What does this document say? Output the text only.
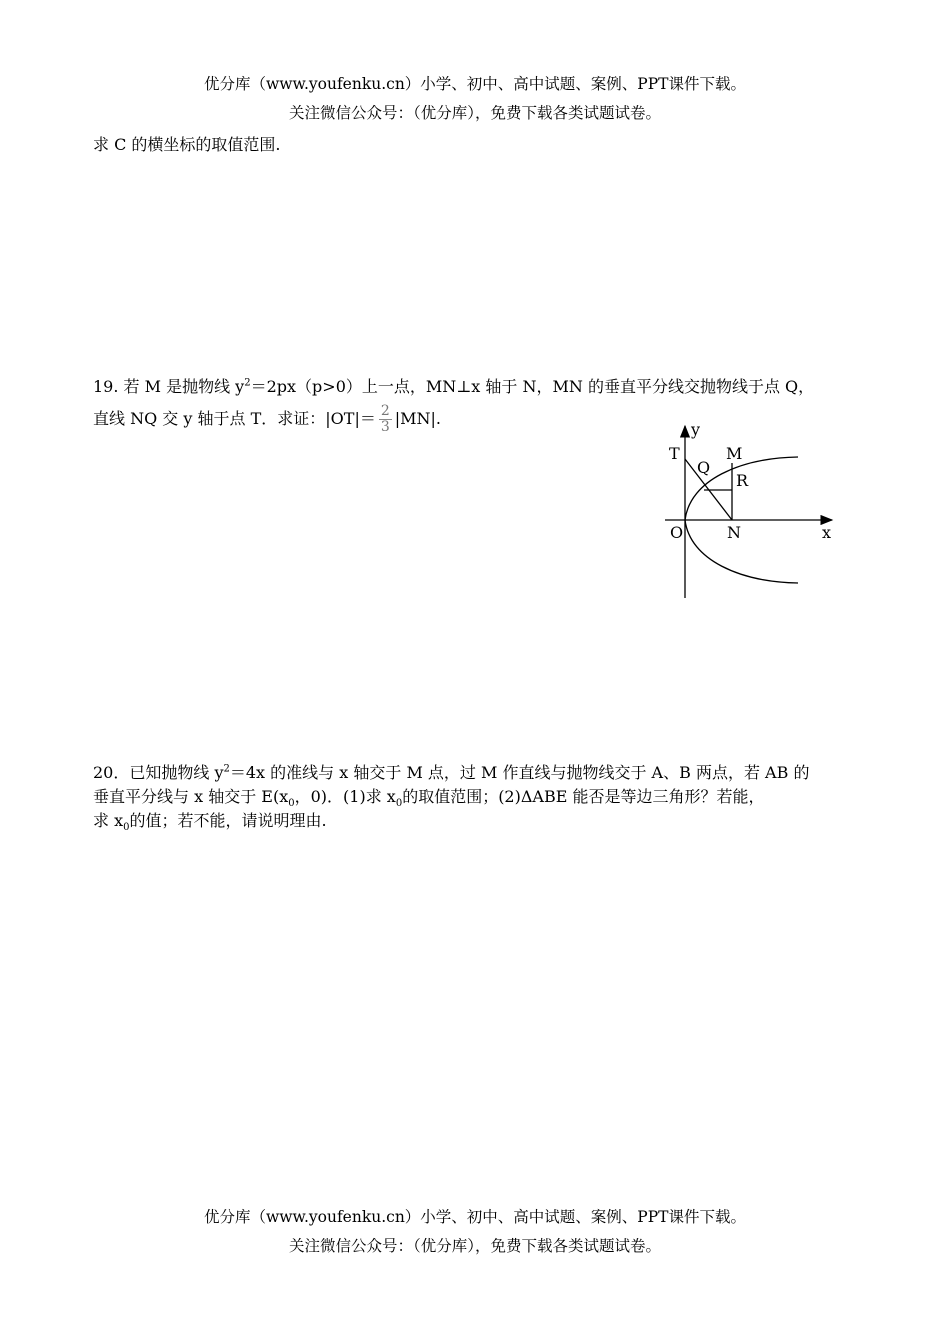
优分库（www.youfenku.cn）小学、初中、高中试题、案例、PPT课件下载。
关注微信公众号：（优分库），免费下载各类试题试卷。
求 C 的横坐标的取值范围.
19. 若 M 是抛物线 $y^2=2px(p>0)$上一点，MN⊥x 轴于 N，MN 的垂直平分线交抛物线于点 Q，
直线 NQ 交 y 轴于点 T．求证：$|OT|= \frac{2}{3} |MN|$.
y
T	M
Q
R
O	N	x
20．已知抛物线 $y^2=4x$ 的准线与 x 轴交于 M 点，过 M 作直线与抛物线交于 A、B 两点，若 AB 的
垂直平分线与 x 轴交于 $E(x_0$，0)．(1)求 $x_0$的取值范围；(2)ΔABE 能否是等边三角形？若能，
求 $x_0$的值；若不能，请说明理由.
优分库（www.youfenku.cn）小学、初中、高中试题、案例、PPT课件下载。
关注微信公众号：（优分库），免费下载各类试题试卷。
